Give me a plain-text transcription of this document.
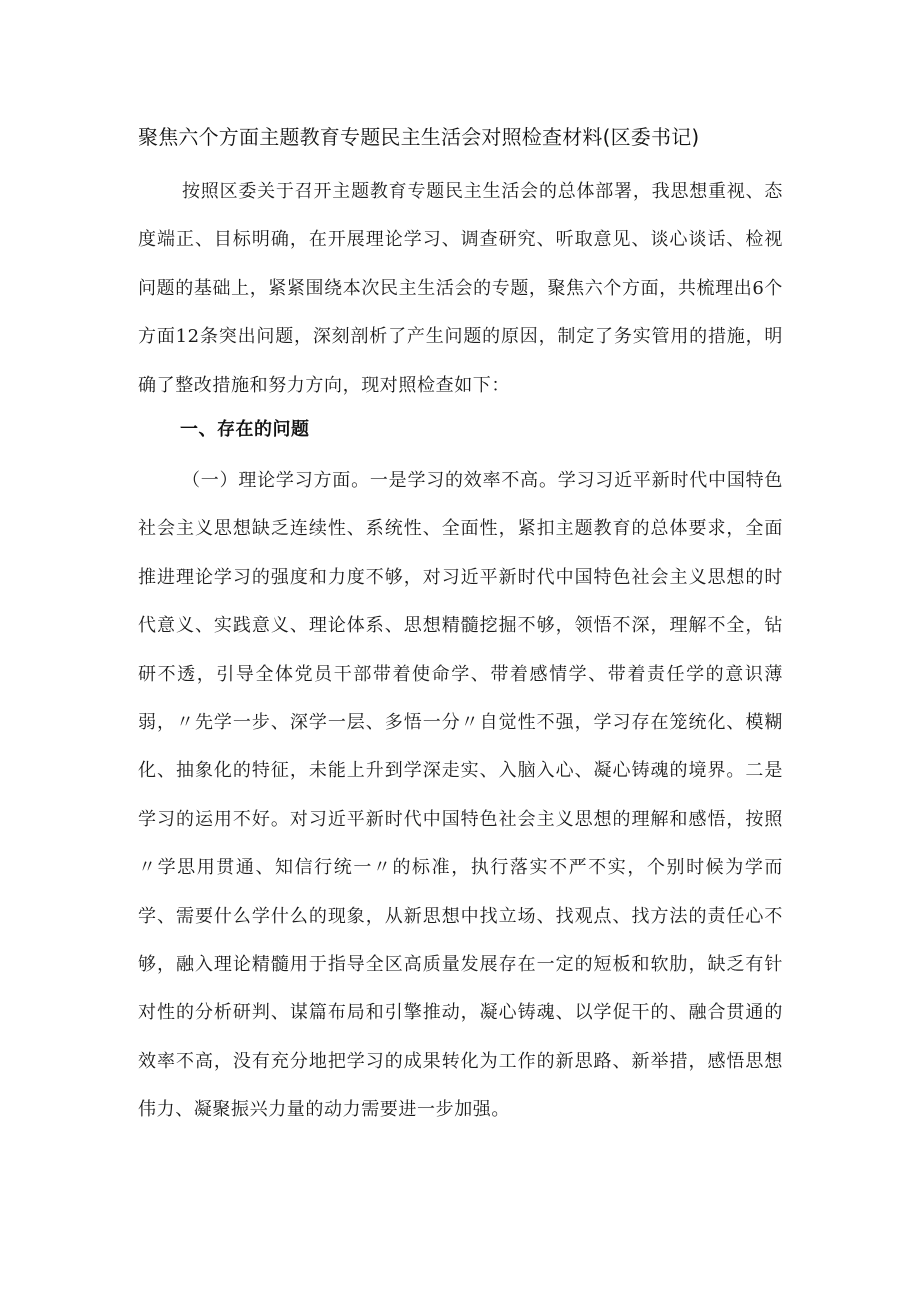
聚焦六个方面主题教育专题民主生活会对照检查材料(区委书记)

按照区委关于召开主题教育专题民主生活会的总体部署，我思想重视、态度端正、目标明确，在开展理论学习、调查研究、听取意见、谈心谈话、检视问题的基础上，紧紧围绕本次民主生活会的专题，聚焦六个方面，共梳理出6个方面12条突出问题，深刻剖析了产生问题的原因，制定了务实管用的措施，明确了整改措施和努力方向，现对照检查如下：

一、存在的问题

（一）理论学习方面。一是学习的效率不高。学习习近平新时代中国特色社会主义思想缺乏连续性、系统性、全面性，紧扣主题教育的总体要求，全面推进理论学习的强度和力度不够，对习近平新时代中国特色社会主义思想的时代意义、实践意义、理论体系、思想精髓挖掘不够，领悟不深，理解不全，钻研不透，引导全体党员干部带着使命学、带着感情学、带着责任学的意识薄弱，〃先学一步、深学一层、多悟一分〃自觉性不强，学习存在笼统化、模糊化、抽象化的特征，未能上升到学深走实、入脑入心、凝心铸魂的境界。二是学习的运用不好。对习近平新时代中国特色社会主义思想的理解和感悟，按照〃学思用贯通、知信行统一〃的标准，执行落实不严不实，个别时候为学而学、需要什么学什么的现象，从新思想中找立场、找观点、找方法的责任心不够，融入理论精髓用于指导全区高质量发展存在一定的短板和软肋，缺乏有针对性的分析研判、谋篇布局和引擎推动，凝心铸魂、以学促干的、融合贯通的效率不高，没有充分地把学习的成果转化为工作的新思路、新举措，感悟思想伟力、凝聚振兴力量的动力需要进一步加强。
